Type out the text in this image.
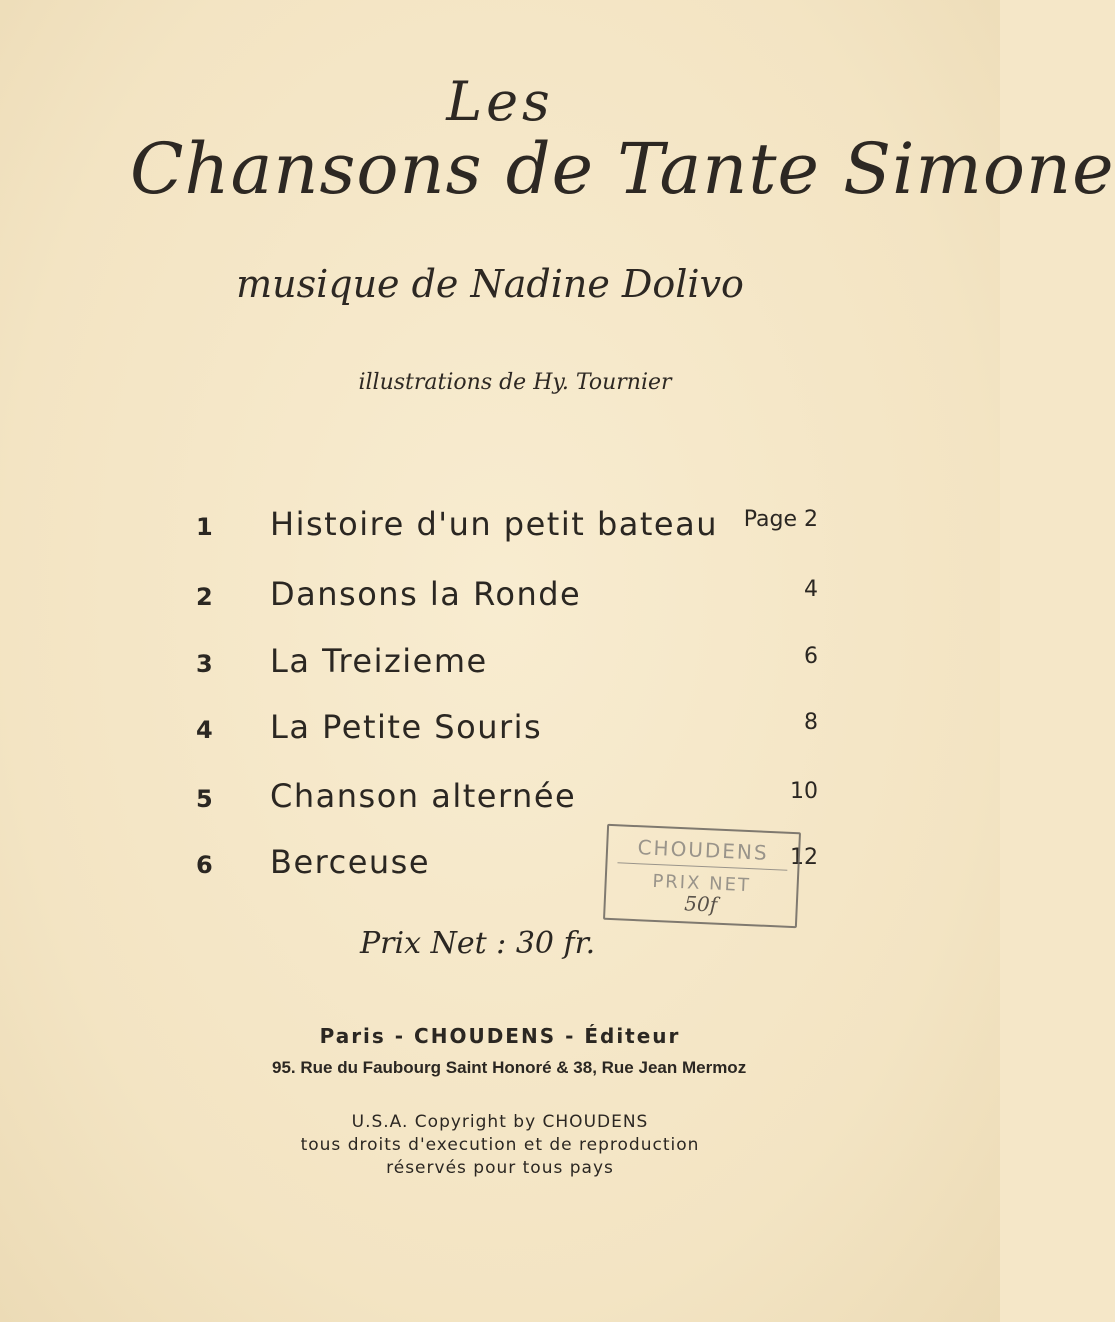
Les
Chansons de Tante Simone
musique de Nadine Dolivo
illustrations de Hy. Tournier
1	Histoire d'un petit bateau	Page 2
2	Dansons la Ronde	4
3	La Treizieme	6
4	La Petite Souris	8
5	Chanson alternée	10
6	Berceuse	12
CHOUDENS
PRIX NET
50f
Prix Net : 30 fr.
Paris - CHOUDENS - Éditeur
95. Rue du Faubourg Saint Honoré & 38, Rue Jean Mermoz
U.S.A. Copyright by CHOUDENS
tous droits d'execution et de reproduction
réservés pour tous pays
